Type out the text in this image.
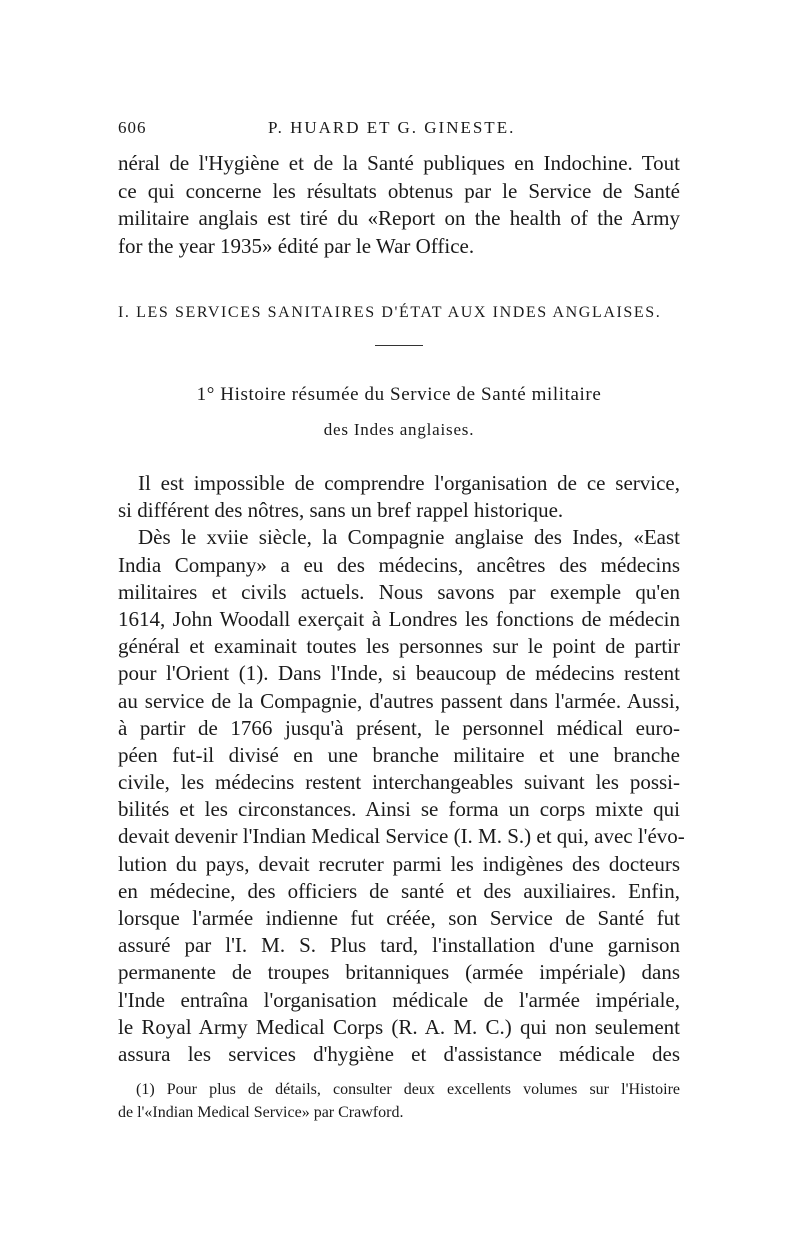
606	P. HUARD ET G. GINESTE.
néral de l'Hygiène et de la Santé publiques en Indochine. Tout
ce qui concerne les résultats obtenus par le Service de Santé
militaire anglais est tiré du «Report on the health of the Army
for the year 1935» édité par le War Office.
I. LES SERVICES SANITAIRES D'ÉTAT AUX INDES ANGLAISES.
1° Histoire résumée du Service de Santé militaire
des Indes anglaises.
Il est impossible de comprendre l'organisation de ce service,
si différent des nôtres, sans un bref rappel historique.
Dès le xviie siècle, la Compagnie anglaise des Indes, «East
India Company» a eu des médecins, ancêtres des médecins
militaires et civils actuels. Nous savons par exemple qu'en
1614, John Woodall exerçait à Londres les fonctions de médecin
général et examinait toutes les personnes sur le point de partir
pour l'Orient (1). Dans l'Inde, si beaucoup de médecins restent
au service de la Compagnie, d'autres passent dans l'armée. Aussi,
à partir de 1766 jusqu'à présent, le personnel médical euro-
péen fut-il divisé en une branche militaire et une branche
civile, les médecins restent interchangeables suivant les possi-
bilités et les circonstances. Ainsi se forma un corps mixte qui
devait devenir l'Indian Medical Service (I. M. S.) et qui, avec l'évo-
lution du pays, devait recruter parmi les indigènes des docteurs
en médecine, des officiers de santé et des auxiliaires. Enfin,
lorsque l'armée indienne fut créée, son Service de Santé fut
assuré par l'I. M. S. Plus tard, l'installation d'une garnison
permanente de troupes britanniques (armée impériale) dans
l'Inde entraîna l'organisation médicale de l'armée impériale,
le Royal Army Medical Corps (R. A. M. C.) qui non seulement
assura les services d'hygiène et d'assistance médicale des
(1) Pour plus de détails, consulter deux excellents volumes sur l'Histoire
de l'«Indian Medical Service» par Crawford.
